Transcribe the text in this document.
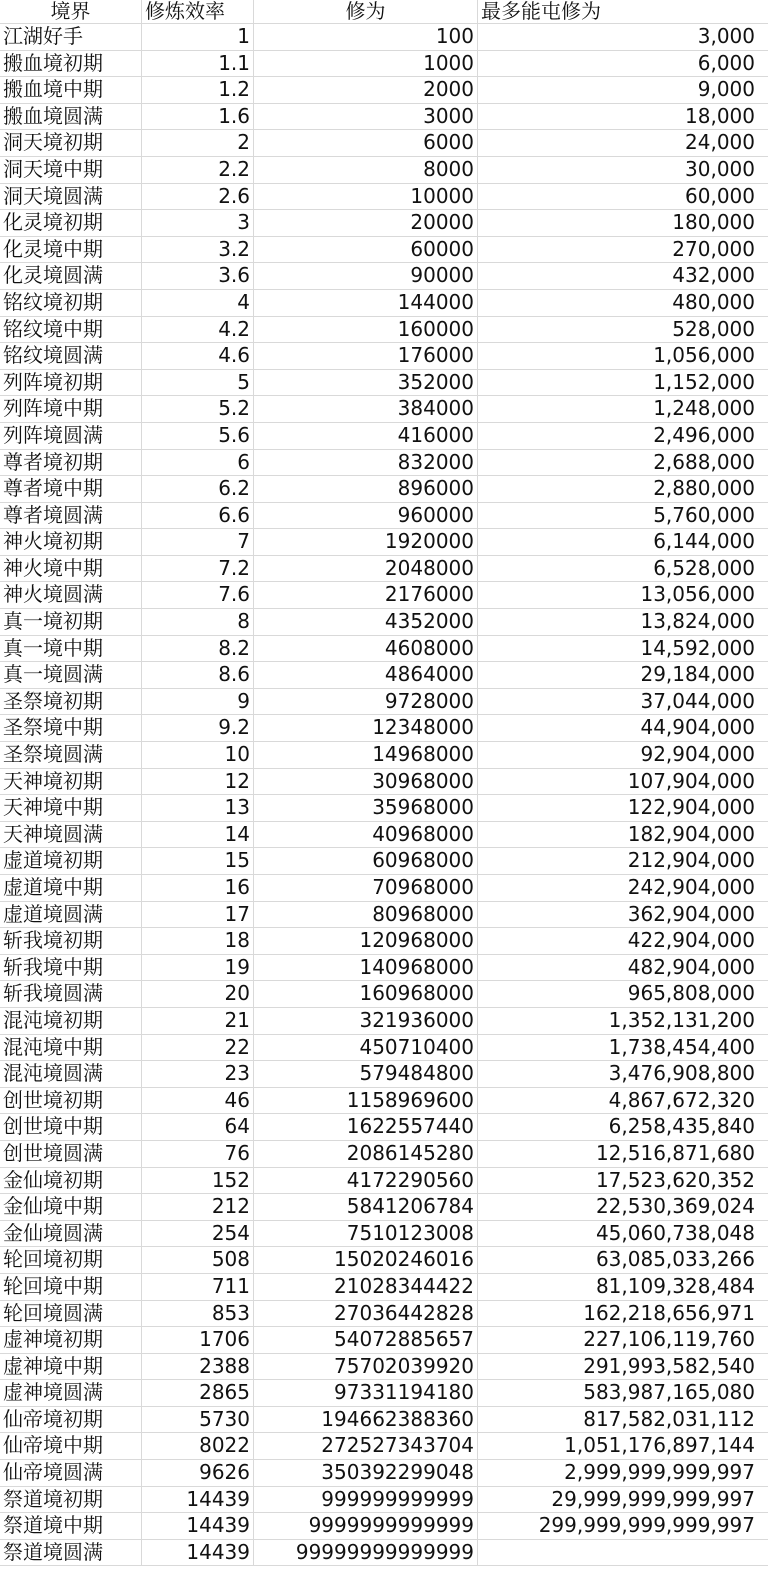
境界	修炼效率	修为	最多能屯修为
江湖好手	1	100	3,000
搬血境初期	1.1	1000	6,000
搬血境中期	1.2	2000	9,000
搬血境圆满	1.6	3000	18,000
洞天境初期	2	6000	24,000
洞天境中期	2.2	8000	30,000
洞天境圆满	2.6	10000	60,000
化灵境初期	3	20000	180,000
化灵境中期	3.2	60000	270,000
化灵境圆满	3.6	90000	432,000
铭纹境初期	4	144000	480,000
铭纹境中期	4.2	160000	528,000
铭纹境圆满	4.6	176000	1,056,000
列阵境初期	5	352000	1,152,000
列阵境中期	5.2	384000	1,248,000
列阵境圆满	5.6	416000	2,496,000
尊者境初期	6	832000	2,688,000
尊者境中期	6.2	896000	2,880,000
尊者境圆满	6.6	960000	5,760,000
神火境初期	7	1920000	6,144,000
神火境中期	7.2	2048000	6,528,000
神火境圆满	7.6	2176000	13,056,000
真一境初期	8	4352000	13,824,000
真一境中期	8.2	4608000	14,592,000
真一境圆满	8.6	4864000	29,184,000
圣祭境初期	9	9728000	37,044,000
圣祭境中期	9.2	12348000	44,904,000
圣祭境圆满	10	14968000	92,904,000
天神境初期	12	30968000	107,904,000
天神境中期	13	35968000	122,904,000
天神境圆满	14	40968000	182,904,000
虚道境初期	15	60968000	212,904,000
虚道境中期	16	70968000	242,904,000
虚道境圆满	17	80968000	362,904,000
斩我境初期	18	120968000	422,904,000
斩我境中期	19	140968000	482,904,000
斩我境圆满	20	160968000	965,808,000
混沌境初期	21	321936000	1,352,131,200
混沌境中期	22	450710400	1,738,454,400
混沌境圆满	23	579484800	3,476,908,800
创世境初期	46	1158969600	4,867,672,320
创世境中期	64	1622557440	6,258,435,840
创世境圆满	76	2086145280	12,516,871,680
金仙境初期	152	4172290560	17,523,620,352
金仙境中期	212	5841206784	22,530,369,024
金仙境圆满	254	7510123008	45,060,738,048
轮回境初期	508	15020246016	63,085,033,266
轮回境中期	711	21028344422	81,109,328,484
轮回境圆满	853	27036442828	162,218,656,971
虚神境初期	1706	54072885657	227,106,119,760
虚神境中期	2388	75702039920	291,993,582,540
虚神境圆满	2865	97331194180	583,987,165,080
仙帝境初期	5730	194662388360	817,582,031,112
仙帝境中期	8022	272527343704	1,051,176,897,144
仙帝境圆满	9626	350392299048	2,999,999,999,997
祭道境初期	14439	999999999999	29,999,999,999,997
祭道境中期	14439	9999999999999	299,999,999,999,997
祭道境圆满	14439	99999999999999
